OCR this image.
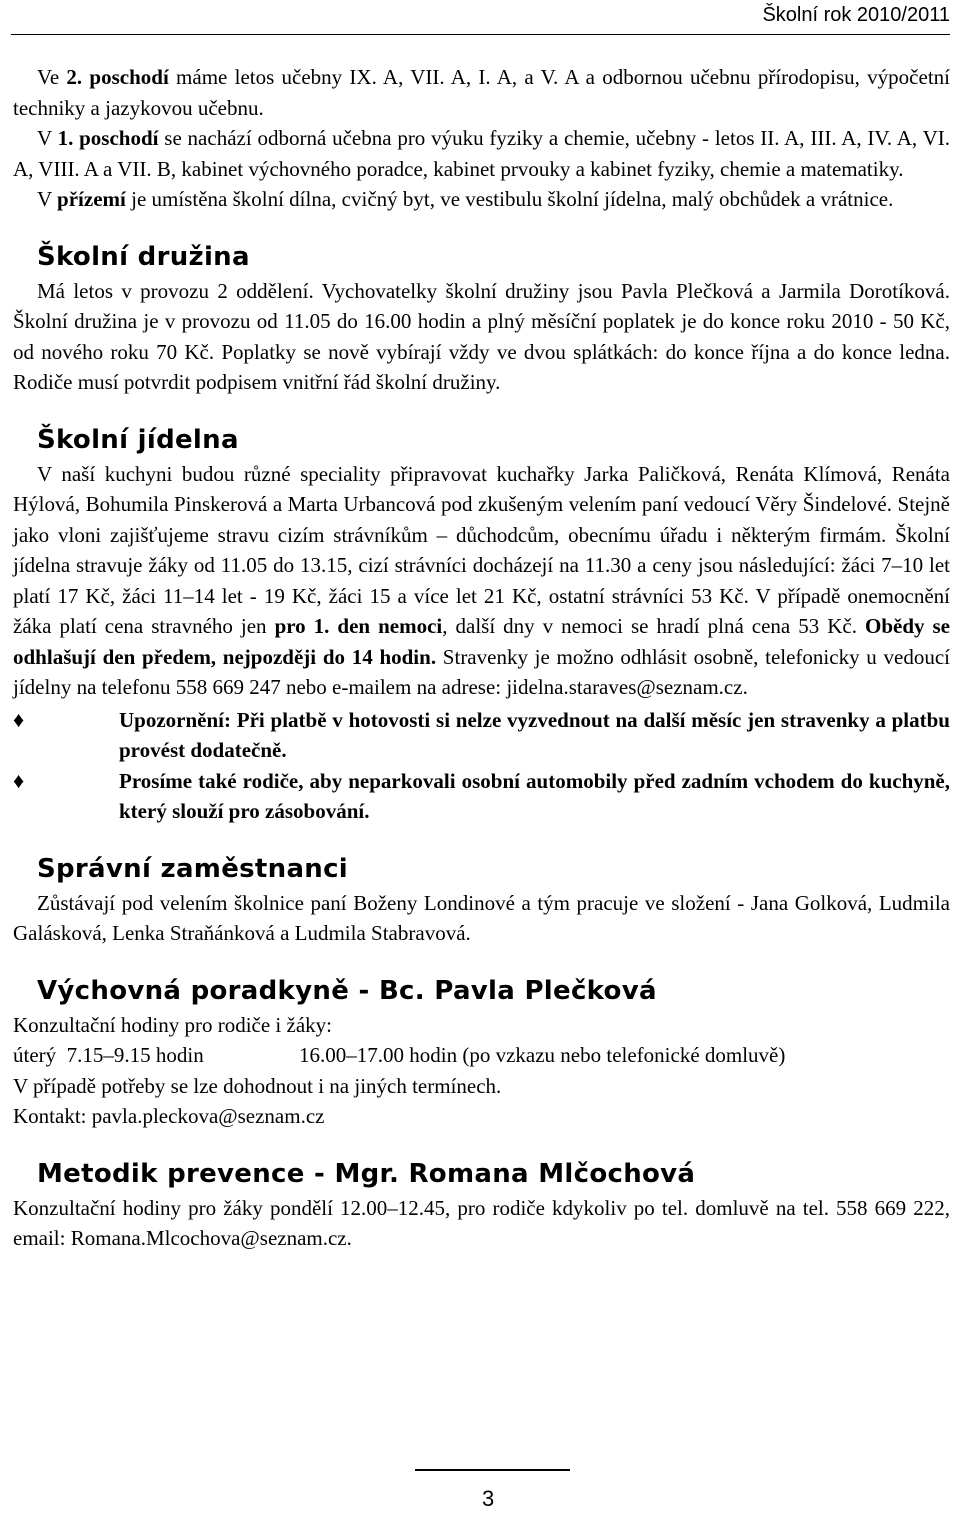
Školní rok 2010/2011

Ve 2. poschodí máme letos učebny IX. A, VII. A, I. A, a V. A a odbornou učebnu přírodopisu, výpočetní techniky a jazykovou učebnu.

V 1. poschodí se nachází odborná učebna pro výuku fyziky a chemie, učebny - letos II. A, III. A, IV. A, VI. A, VIII. A a VII. B, kabinet výchovného poradce, kabinet prvouky a kabinet fyziky, chemie a matematiky.

V přízemí je umístěna školní dílna, cvičný byt, ve vestibulu školní jídelna, malý obchůdek a vrátnice.

Školní družina

Má letos v provozu 2 oddělení. Vychovatelky školní družiny jsou Pavla Plečková a Jarmila Dorotíková. Školní družina je v provozu od 11.05 do 16.00 hodin a plný měsíční poplatek je do konce roku 2010 - 50 Kč, od nového roku 70 Kč. Poplatky se nově vybírají vždy ve dvou splátkách: do konce října a do konce ledna. Rodiče musí potvrdit podpisem vnitřní řád školní družiny.

Školní jídelna

V naší kuchyni budou různé speciality připravovat kuchařky Jarka Paličková, Renáta Klímová, Renáta Hýlová, Bohumila Pinskerová a Marta Urbancová pod zkušeným velením paní vedoucí Věry Šindelové. Stejně jako vloni zajišťujeme stravu cizím strávníkům – důchodcům, obecnímu úřadu i některým firmám. Školní jídelna stravuje žáky od 11.05 do 13.15, cizí strávníci docházejí na 11.30 a ceny jsou následující: žáci 7–10 let platí 17 Kč, žáci 11–14 let - 19 Kč, žáci 15 a více let 21 Kč, ostatní strávníci 53 Kč. V případě onemocnění žáka platí cena stravného jen pro 1. den nemoci, další dny v nemoci se hradí plná cena 53 Kč. Obědy se odhlašují den předem, nejpozději do 14 hodin. Stravenky je možno odhlásit osobně, telefonicky u vedoucí jídelny na telefonu 558 669 247 nebo e-mailem na adrese: jidelna.staraves@seznam.cz.

♦	Upozornění: Při platbě v hotovosti si nelze vyzvednout na další měsíc jen stravenky a platbu provést dodatečně.

♦	Prosíme také rodiče, aby neparkovali osobní automobily před zadním vchodem do kuchyně, který slouží pro zásobování.

Správní zaměstnanci

Zůstávají pod velením školnice paní Boženy Londinové a tým pracuje ve složení - Jana Golková, Ludmila Galásková, Lenka Straňánková a Ludmila Stabravová.

Výchovná poradkyně - Bc. Pavla Plečková

Konzultační hodiny pro rodiče i žáky:

úterý  7.15–9.15 hodin	16.00–17.00 hodin (po vzkazu nebo telefonické domluvě)

V případě potřeby se lze dohodnout i na jiných termínech.

Kontakt: pavla.pleckova@seznam.cz

Metodik prevence - Mgr. Romana Mlčochová

Konzultační hodiny pro žáky pondělí 12.00–12.45, pro rodiče kdykoliv po tel. domluvě na tel. 558 669 222, email: Romana.Mlcochova@seznam.cz.

3
